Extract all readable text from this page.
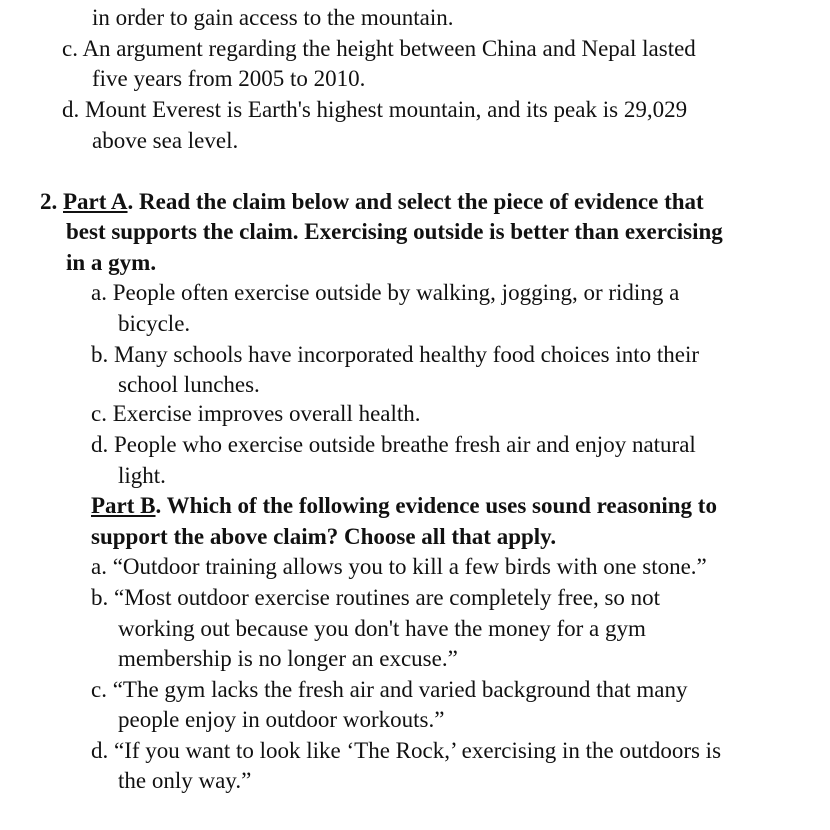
in order to gain access to the mountain.
c. An argument regarding the height between China and Nepal lasted
five years from 2005 to 2010.
d. Mount Everest is Earth's highest mountain, and its peak is 29,029
above sea level.
2. Part A. Read the claim below and select the piece of evidence that
best supports the claim. Exercising outside is better than exercising
in a gym.
a. People often exercise outside by walking, jogging, or riding a
bicycle.
b. Many schools have incorporated healthy food choices into their
school lunches.
c. Exercise improves overall health.
d. People who exercise outside breathe fresh air and enjoy natural
light.
Part B. Which of the following evidence uses sound reasoning to
support the above claim? Choose all that apply.
a. “Outdoor training allows you to kill a few birds with one stone.”
b. “Most outdoor exercise routines are completely free, so not
working out because you don't have the money for a gym
membership is no longer an excuse.”
c. “The gym lacks the fresh air and varied background that many
people enjoy in outdoor workouts.”
d. “If you want to look like ‘The Rock,’ exercising in the outdoors is
the only way.”
